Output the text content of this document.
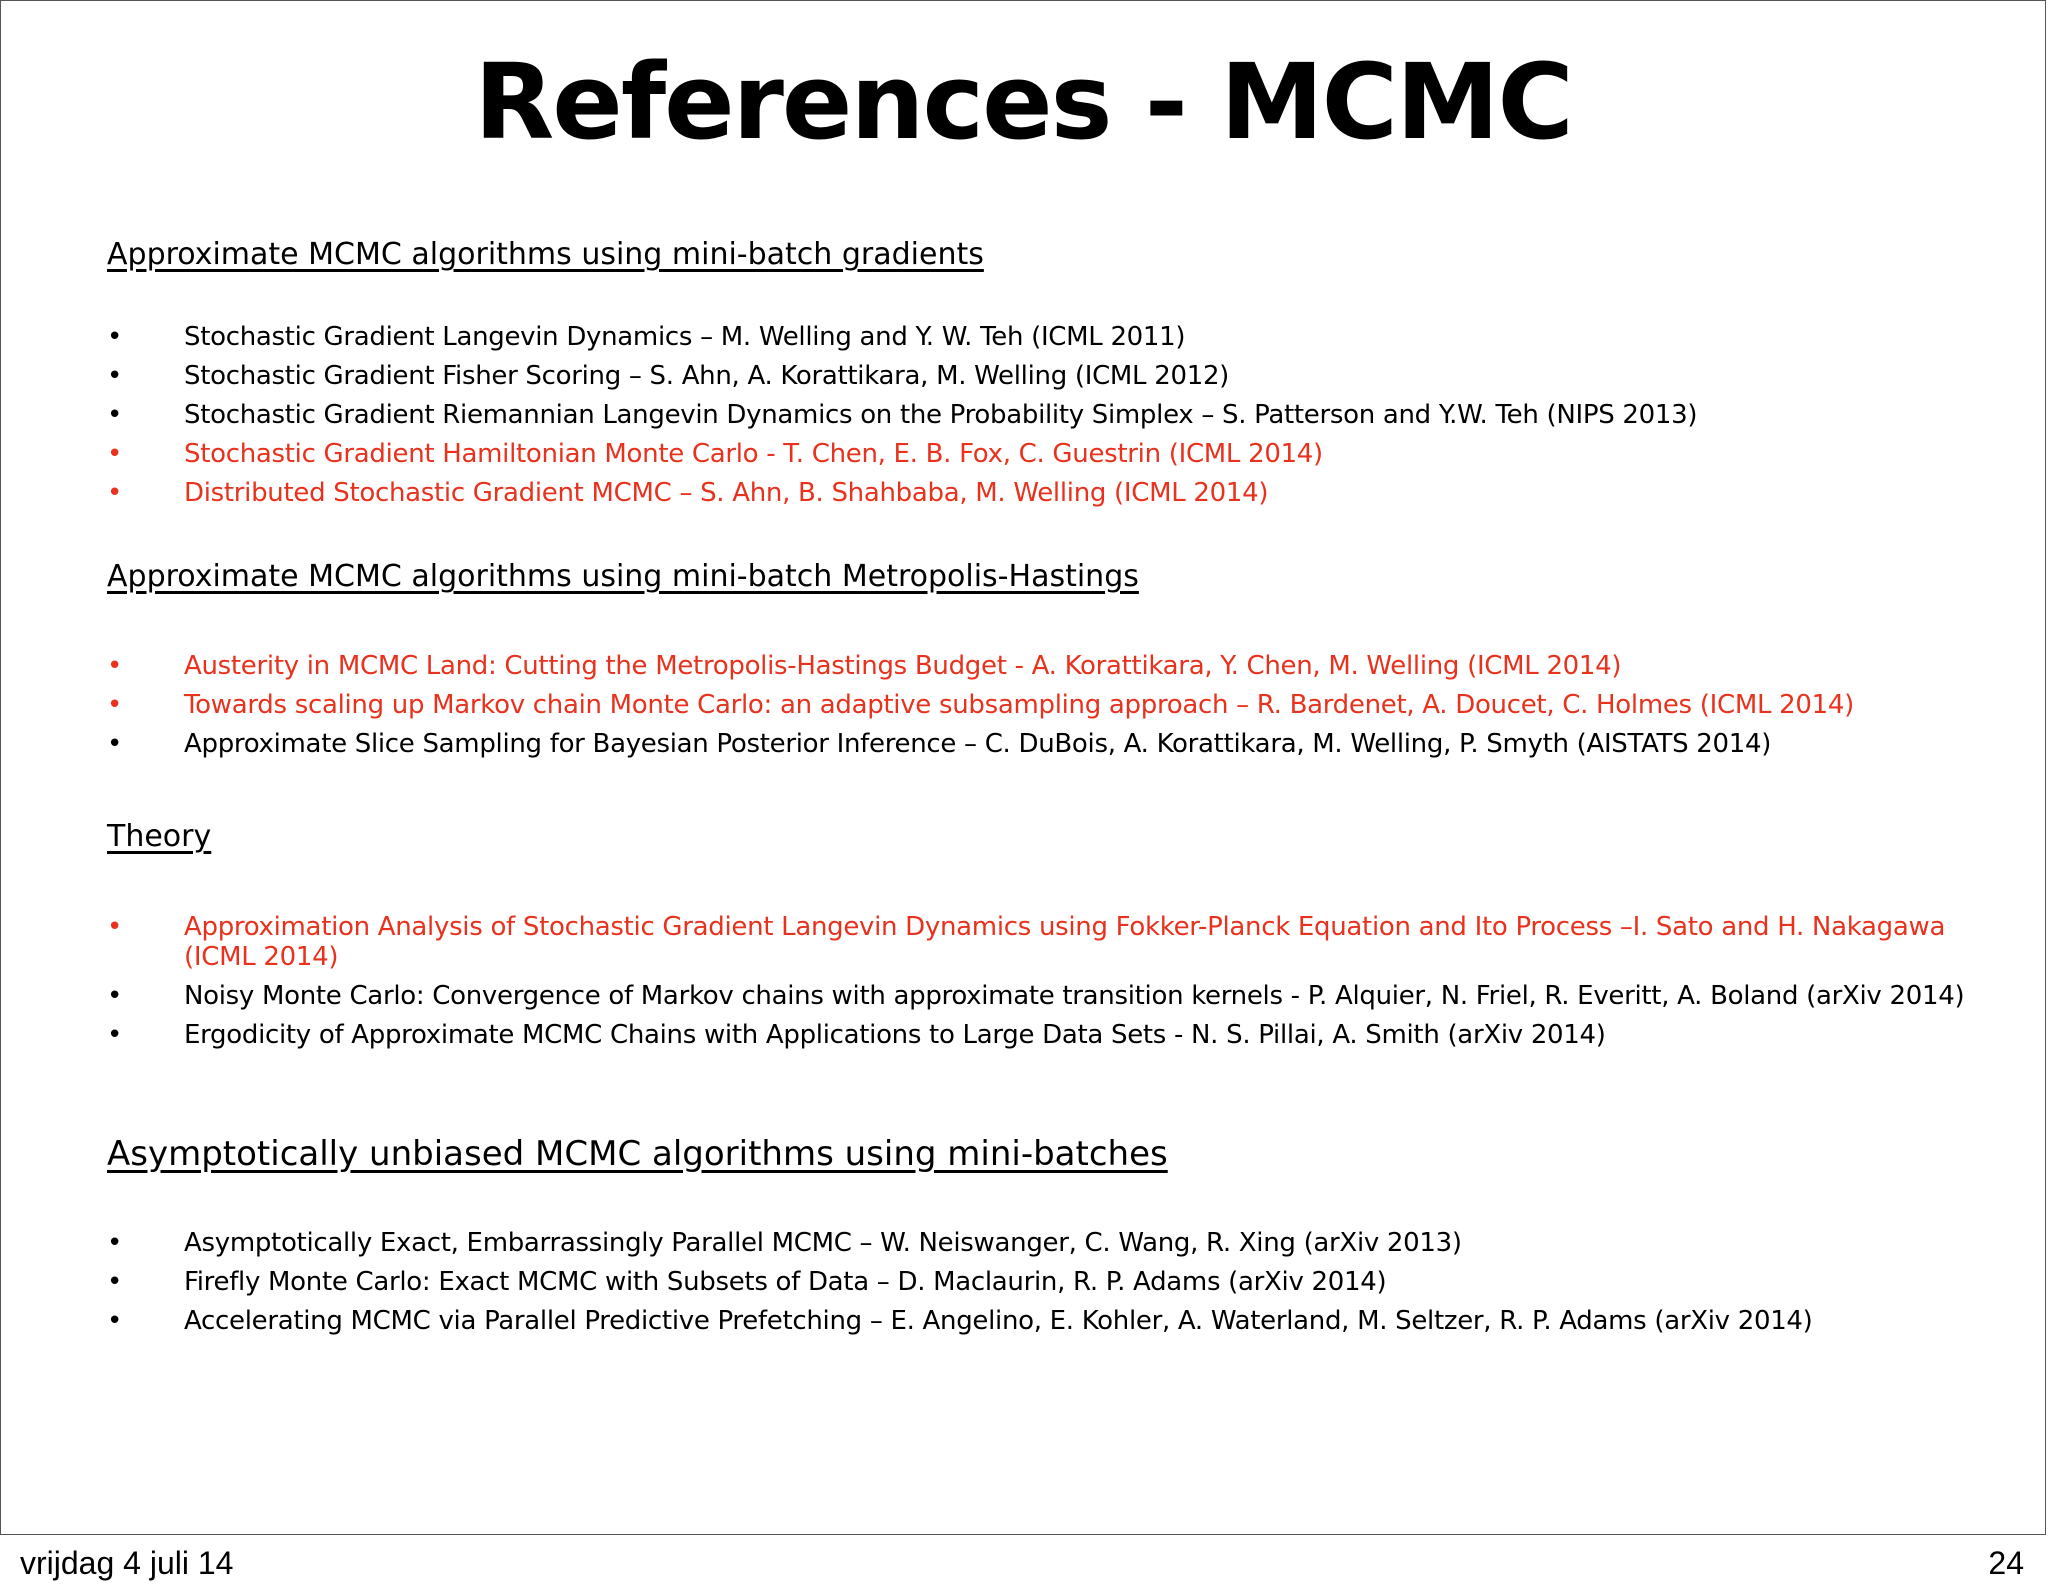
References - MCMC
Approximate MCMC algorithms using mini-batch gradients
• Stochastic Gradient Langevin Dynamics – M. Welling and Y. W. Teh (ICML 2011)
• Stochastic Gradient Fisher Scoring – S. Ahn, A. Korattikara, M. Welling (ICML 2012)
• Stochastic Gradient Riemannian Langevin Dynamics on the Probability Simplex – S. Patterson and Y.W. Teh (NIPS 2013)
• Stochastic Gradient Hamiltonian Monte Carlo - T. Chen, E. B. Fox, C. Guestrin (ICML 2014)
• Distributed Stochastic Gradient MCMC – S. Ahn, B. Shahbaba, M. Welling (ICML 2014)
Approximate MCMC algorithms using mini-batch Metropolis-Hastings
• Austerity in MCMC Land: Cutting the Metropolis-Hastings Budget - A. Korattikara, Y. Chen, M. Welling (ICML 2014)
• Towards scaling up Markov chain Monte Carlo: an adaptive subsampling approach – R. Bardenet, A. Doucet, C. Holmes (ICML 2014)
• Approximate Slice Sampling for Bayesian Posterior Inference – C. DuBois, A. Korattikara, M. Welling, P. Smyth (AISTATS 2014)
Theory
• Approximation Analysis of Stochastic Gradient Langevin Dynamics using Fokker-Planck Equation and Ito Process –I. Sato and H. Nakagawa (ICML 2014)
• Noisy Monte Carlo: Convergence of Markov chains with approximate transition kernels - P. Alquier, N. Friel, R. Everitt, A. Boland (arXiv 2014)
• Ergodicity of Approximate MCMC Chains with Applications to Large Data Sets - N. S. Pillai, A. Smith (arXiv 2014)
Asymptotically unbiased MCMC algorithms using mini-batches
• Asymptotically Exact, Embarrassingly Parallel MCMC – W. Neiswanger, C. Wang, R. Xing (arXiv 2013)
• Firefly Monte Carlo: Exact MCMC with Subsets of Data – D. Maclaurin, R. P. Adams (arXiv 2014)
• Accelerating MCMC via Parallel Predictive Prefetching – E. Angelino, E. Kohler, A. Waterland, M. Seltzer, R. P. Adams (arXiv 2014)
vrijdag 4 juli 14	24
